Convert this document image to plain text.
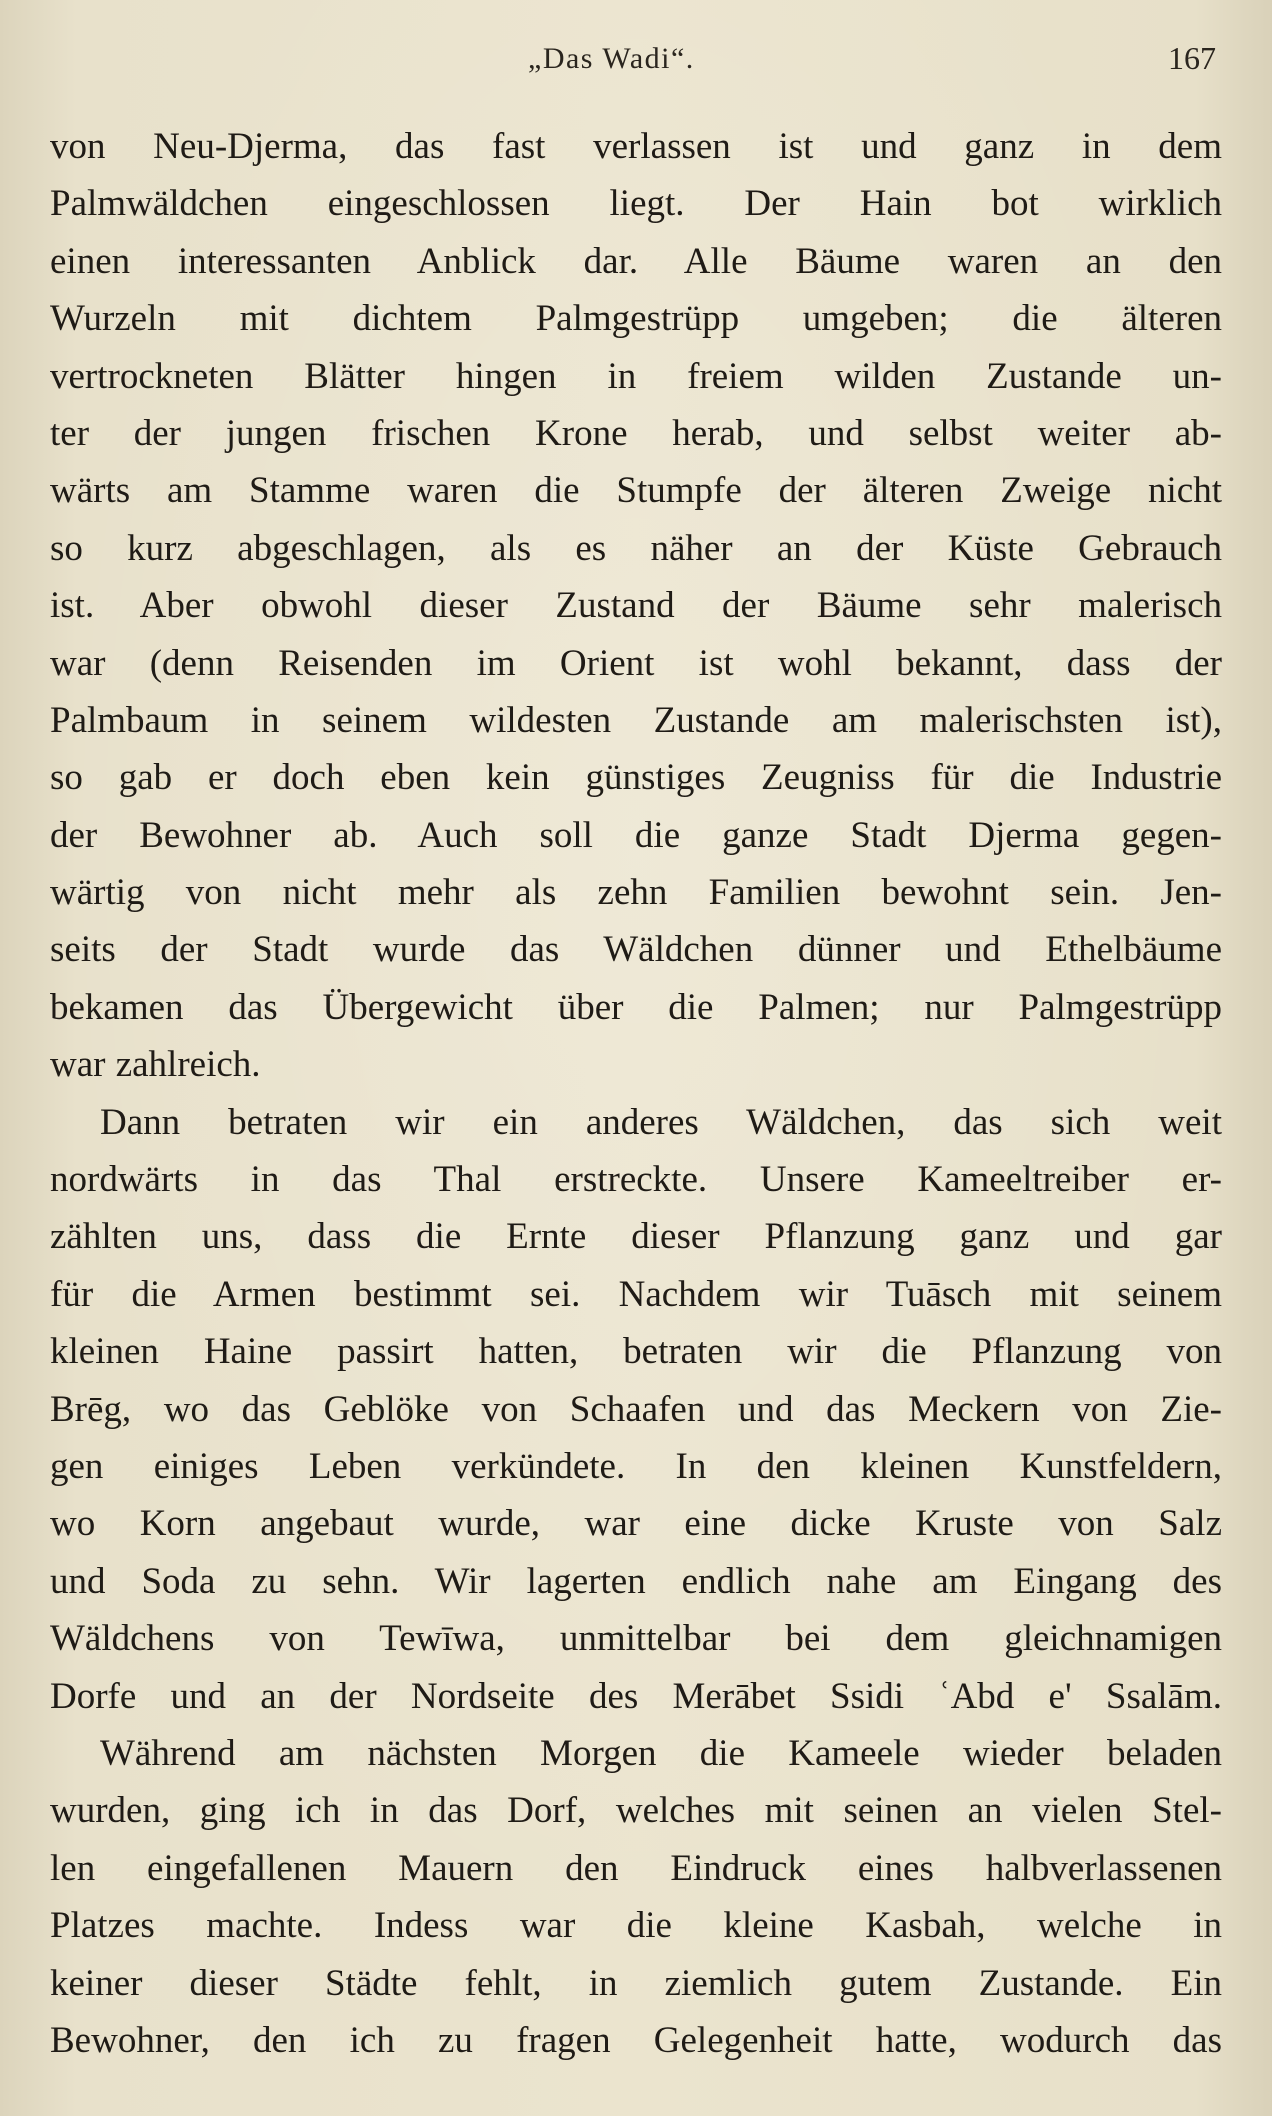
„Das Wadi“.	167
von Neu-Djerma, das fast verlassen ist und ganz in dem
Palmwäldchen eingeschlossen liegt. Der Hain bot wirklich
einen interessanten Anblick dar. Alle Bäume waren an den
Wurzeln mit dichtem Palmgestrüpp umgeben; die älteren
vertrockneten Blätter hingen in freiem wilden Zustande un-
ter der jungen frischen Krone herab, und selbst weiter ab-
wärts am Stamme waren die Stumpfe der älteren Zweige nicht
so kurz abgeschlagen, als es näher an der Küste Gebrauch
ist. Aber obwohl dieser Zustand der Bäume sehr malerisch
war (denn Reisenden im Orient ist wohl bekannt, dass der
Palmbaum in seinem wildesten Zustande am malerischsten ist),
so gab er doch eben kein günstiges Zeugniss für die Industrie
der Bewohner ab. Auch soll die ganze Stadt Djerma gegen-
wärtig von nicht mehr als zehn Familien bewohnt sein. Jen-
seits der Stadt wurde das Wäldchen dünner und Ethelbäume
bekamen das Übergewicht über die Palmen; nur Palmgestrüpp
war zahlreich.
Dann betraten wir ein anderes Wäldchen, das sich weit
nordwärts in das Thal erstreckte. Unsere Kameeltreiber er-
zählten uns, dass die Ernte dieser Pflanzung ganz und gar
für die Armen bestimmt sei. Nachdem wir Tuāsch mit seinem
kleinen Haine passirt hatten, betraten wir die Pflanzung von
Brēg, wo das Geblöke von Schaafen und das Meckern von Zie-
gen einiges Leben verkündete. In den kleinen Kunstfeldern,
wo Korn angebaut wurde, war eine dicke Kruste von Salz
und Soda zu sehn. Wir lagerten endlich nahe am Eingang des
Wäldchens von Tewīwa, unmittelbar bei dem gleichnamigen
Dorfe und an der Nordseite des Merābet Ssidi ʿAbd e' Ssalām.
Während am nächsten Morgen die Kameele wieder beladen
wurden, ging ich in das Dorf, welches mit seinen an vielen Stel-
len eingefallenen Mauern den Eindruck eines halbverlassenen
Platzes machte. Indess war die kleine Kasbah, welche in
keiner dieser Städte fehlt, in ziemlich gutem Zustande. Ein
Bewohner, den ich zu fragen Gelegenheit hatte, wodurch das
